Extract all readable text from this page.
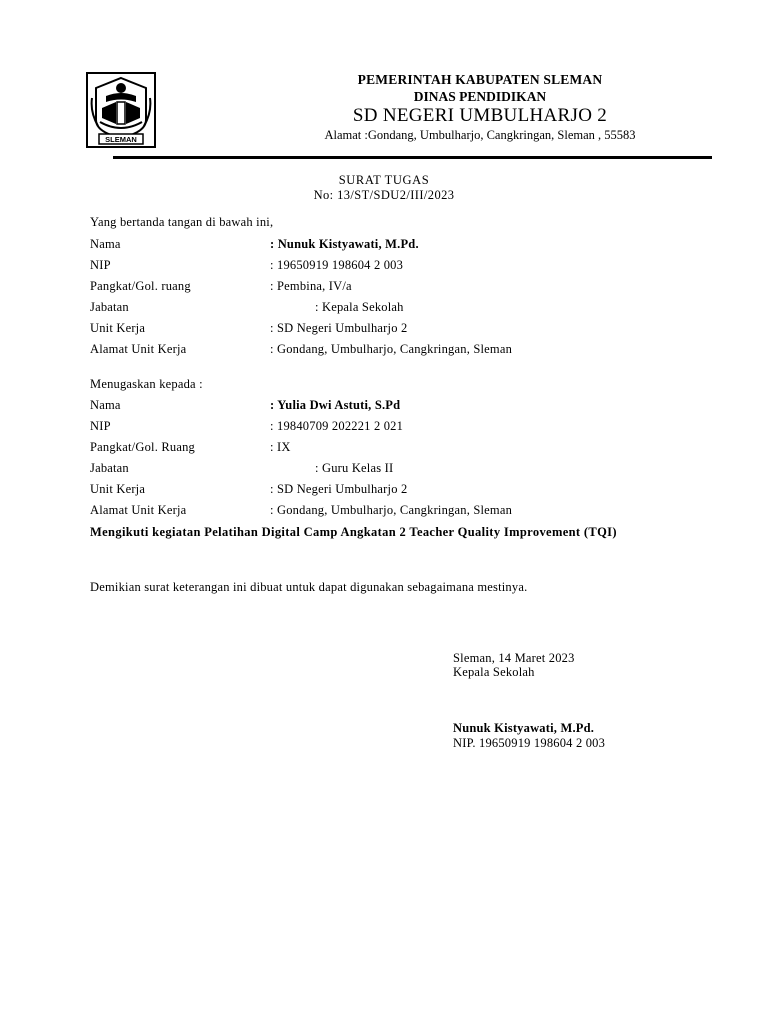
SLEMAN
PEMERINTAH KABUPATEN SLEMAN
DINAS PENDIDIKAN
SD NEGERI UMBULHARJO 2
Alamat :Gondang, Umbulharjo, Cangkringan, Sleman , 55583
SURAT TUGAS
No: 13/ST/SDU2/III/2023
Yang bertanda tangan di bawah ini,
Nama	: Nunuk Kistyawati, M.Pd.
NIP	: 19650919 198604 2 003
Pangkat/Gol. ruang	: Pembina, IV/a
Jabatan	: Kepala Sekolah
Unit Kerja	: SD Negeri Umbulharjo 2
Alamat Unit Kerja	: Gondang, Umbulharjo, Cangkringan, Sleman
Menugaskan kepada :
Nama	: Yulia Dwi Astuti, S.Pd
NIP	: 19840709 202221 2 021
Pangkat/Gol. Ruang	: IX
Jabatan	: Guru Kelas II
Unit Kerja	: SD Negeri Umbulharjo 2
Alamat Unit Kerja	: Gondang, Umbulharjo, Cangkringan, Sleman
Mengikuti kegiatan Pelatihan Digital Camp Angkatan 2 Teacher Quality Improvement (TQI)
Demikian surat keterangan ini dibuat untuk dapat digunakan sebagaimana mestinya.
Sleman, 14 Maret 2023
Kepala Sekolah
Nunuk Kistyawati, M.Pd.
NIP. 19650919 198604 2 003
